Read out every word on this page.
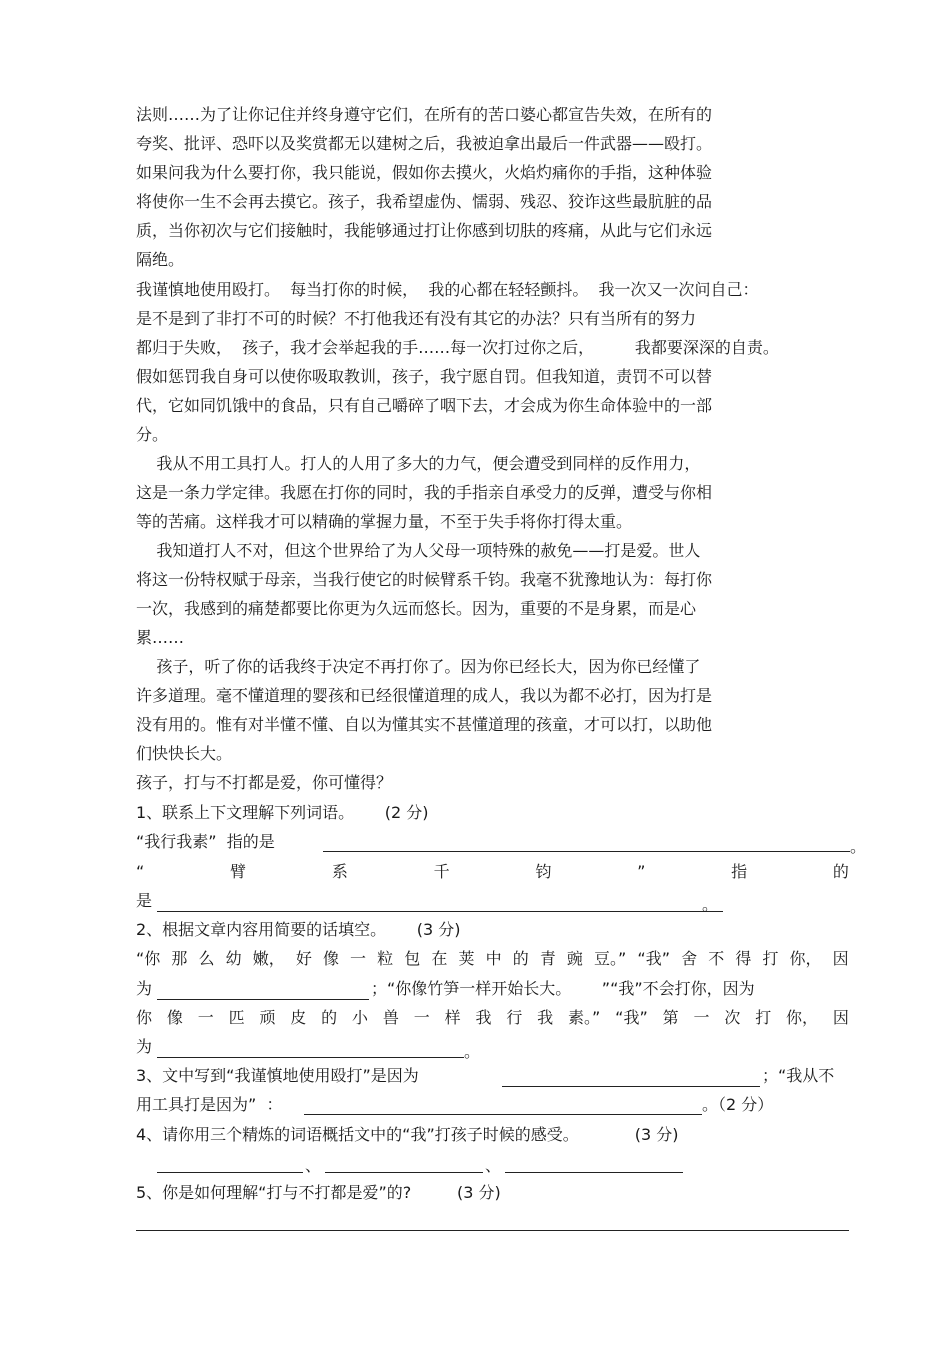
法则……为了让你记住并终身遵守它们，在所有的苦口婆心都宣告失效，在所有的
夸奖、批评、恐吓以及奖赏都无以建树之后，我被迫拿出最后一件武器——殴打。
如果问我为什么要打你，我只能说，假如你去摸火，火焰灼痛你的手指，这种体验
将使你一生不会再去摸它。孩子，我希望虚伪、懦弱、残忍、狡诈这些最肮脏的品
质，当你初次与它们接触时，我能够通过打让你感到切肤的疼痛，从此与它们永远
隔绝。
我谨慎地使用殴打。  每当打你的时候，  我的心都在轻轻颤抖。  我一次又一次问自己：
是不是到了非打不可的时候？不打他我还有没有其它的办法？只有当所有的努力
都归于失败，  孩子，我才会举起我的手……每一次打过你之后，        我都要深深的自责。
假如惩罚我自身可以使你吸取教训，孩子，我宁愿自罚。但我知道，责罚不可以替
代，它如同饥饿中的食品，只有自己嚼碎了咽下去，才会成为你生命体验中的一部
分。
我从不用工具打人。打人的人用了多大的力气，便会遭受到同样的反作用力，
这是一条力学定律。我愿在打你的同时，我的手指亲自承受力的反弹，遭受与你相
等的苦痛。这样我才可以精确的掌握力量，不至于失手将你打得太重。
我知道打人不对，但这个世界给了为人父母一项特殊的赦免——打是爱。世人
将这一份特权赋于母亲，当我行使它的时候臂系千钧。我毫不犹豫地认为：每打你
一次，我感到的痛楚都要比你更为久远而悠长。因为，重要的不是身累，而是心
累……
孩子，听了你的话我终于决定不再打你了。因为你已经长大，因为你已经懂了
许多道理。毫不懂道理的婴孩和已经很懂道理的成人，我以为都不必打，因为打是
没有用的。惟有对半懂不懂、自以为懂其实不甚懂道理的孩童，才可以打，以助他
们快快长大。
孩子，打与不打都是爱，你可懂得？
1、联系上下文理解下列词语。      (2 分)
“我行我素”  指的是	。
“	臂	系	千	钧	”	指	的
是	。
2、根据文章内容用简要的话填空。      (3 分)
“你 那 么 幼 嫩， 好 像 一 粒 包 在 荚 中 的 青 豌 豆。” “我” 舍 不 得 打 你， 因
为	；“你像竹笋一样开始长大。      ”“我”不会打你，因为
你 像 一 匹 顽 皮 的 小 兽 一 样 我 行 我 素。” “我” 第 一 次 打 你， 因
为	。
3、文中写到“我谨慎地使用殴打”是因为	；“我从不
用工具打是因为”  ：	。（2 分）
4、请你用三个精炼的词语概括文中的“我”打孩子时候的感受。           (3 分)
、	、
5、你是如何理解“打与不打都是爱”的?         (3 分)
